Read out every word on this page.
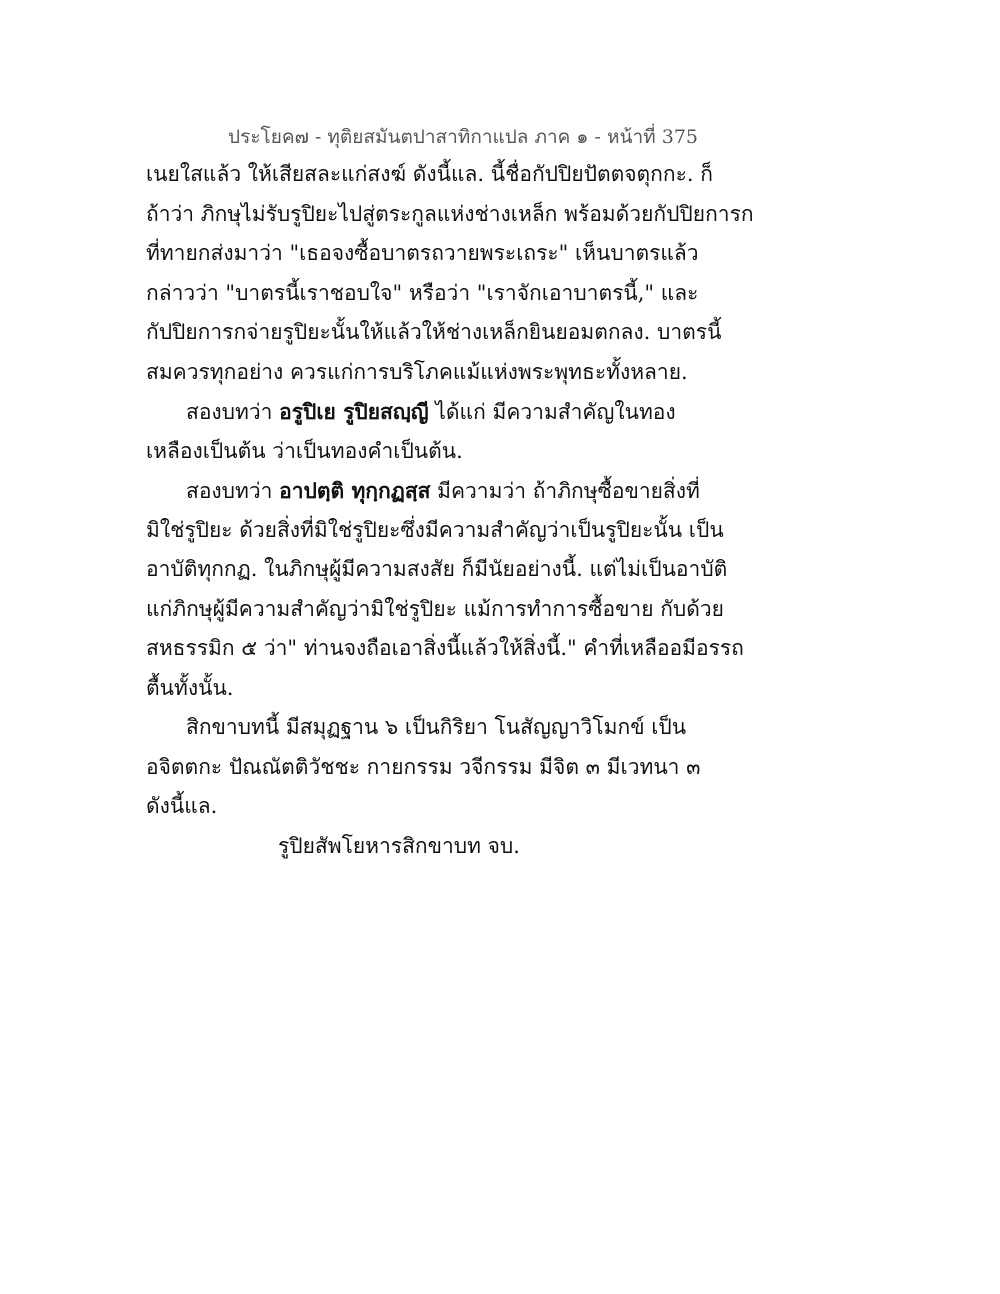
ประโยค๗ - ทุติยสมันตปาสาทิกาแปล ภาค ๑ - หน้าที่ 375
เนยใสแล้ว ให้เสียสละแก่สงฆ์ ดังนี้แล. นี้ชื่อกัปปิยปัตตจตุกกะ. ก็
ถ้าว่า ภิกษุไม่รับรูปิยะไปสู่ตระกูลแห่งช่างเหล็ก พร้อมด้วยกัปปิยการก
ที่ทายกส่งมาว่า "เธอจงซื้อบาตรถวายพระเถระ" เห็นบาตรแล้ว
กล่าวว่า "บาตรนี้เราชอบใจ" หรือว่า "เราจักเอาบาตรนี้," และ
กัปปิยการกจ่ายรูปิยะนั้นให้แล้วให้ช่างเหล็กยินยอมตกลง. บาตรนี้
สมควรทุกอย่าง ควรแก่การบริโภคแม้แห่งพระพุทธะทั้งหลาย.
สองบทว่า อรูปิเย รูปิยสญฺญี ได้แก่ มีความสำคัญในทอง
เหลืองเป็นต้น ว่าเป็นทองคำเป็นต้น.
สองบทว่า อาปตฺติ ทุกฺกฏสฺส มีความว่า ถ้าภิกษุซื้อขายสิ่งที่
มิใช่รูปิยะ ด้วยสิ่งที่มิใช่รูปิยะซึ่งมีความสำคัญว่าเป็นรูปิยะนั้น เป็น
อาบัติทุกกฏ. ในภิกษุผู้มีความสงสัย ก็มีนัยอย่างนี้. แต่ไม่เป็นอาบัติ
แก่ภิกษุผู้มีความสำคัญว่ามิใช่รูปิยะ แม้การทำการซื้อขาย กับด้วย
สหธรรมิก ๕ ว่า" ท่านจงถือเอาสิ่งนี้แล้วให้สิ่งนี้." คำที่เหลืออมีอรรถ
ตื้นทั้งนั้น.
สิกขาบทนี้ มีสมุฏฐาน ๖ เป็นกิริยา โนสัญญาวิโมกข์ เป็น
อจิตตกะ ปัณณัตติวัชชะ กายกรรม วจีกรรม มีจิต ๓ มีเวทนา ๓
ดังนี้แล.
รูปิยสัพโยหารสิกขาบท จบ.
